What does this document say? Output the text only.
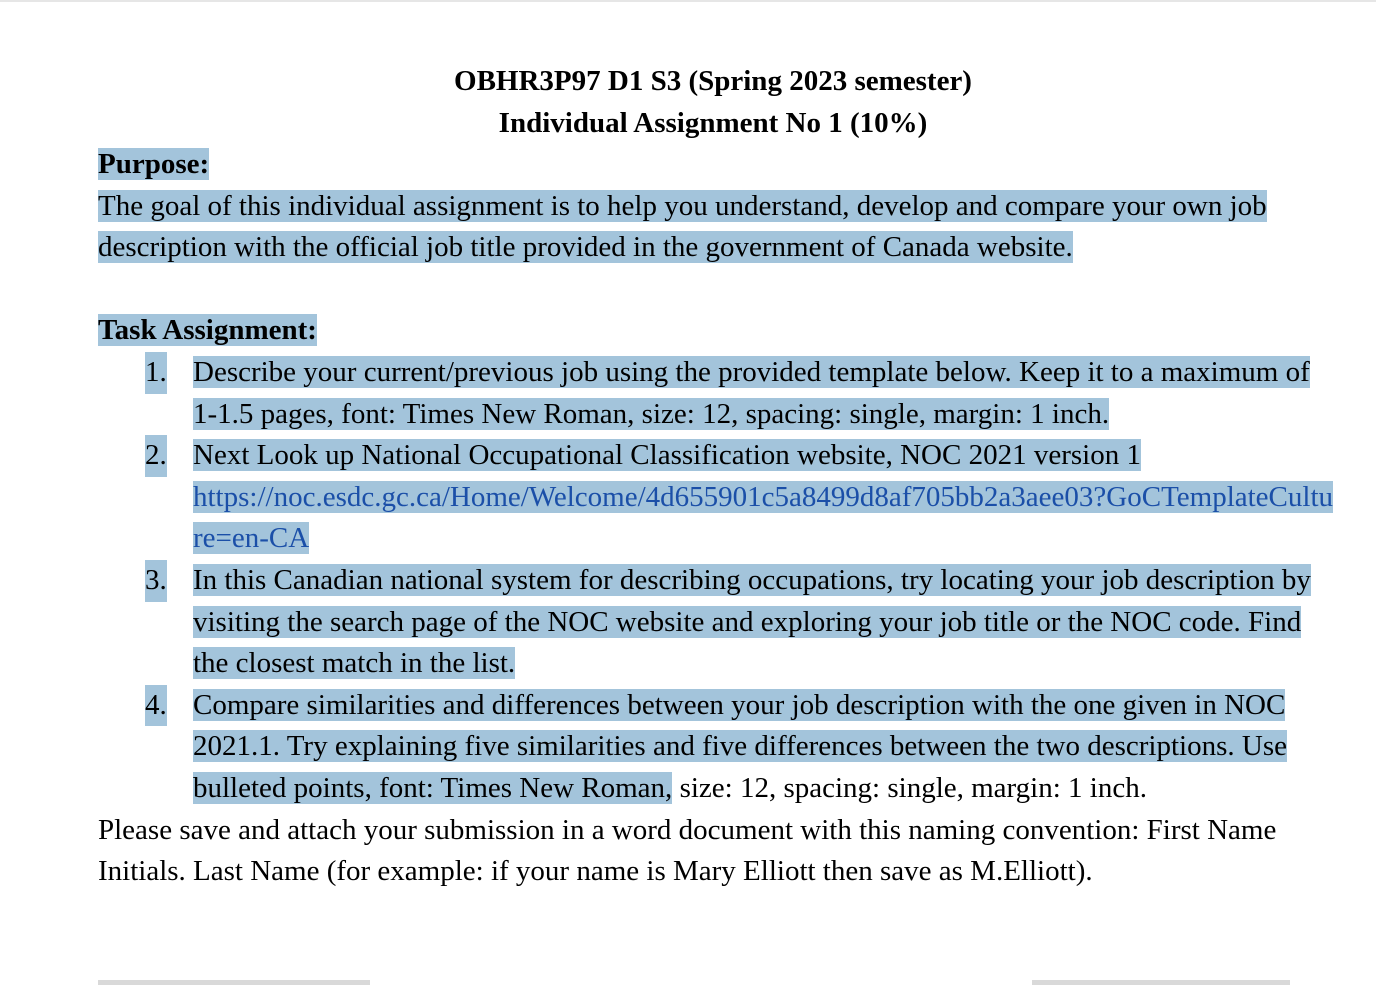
OBHR3P97 D1 S3 (Spring 2023 semester)
Individual Assignment No 1 (10%)

Purpose:

The goal of this individual assignment is to help you understand, develop and compare your own job description with the official job title provided in the government of Canada website.

Task Assignment:

1. Describe your current/previous job using the provided template below. Keep it to a maximum of 1-1.5 pages, font: Times New Roman, size: 12, spacing: single, margin: 1 inch.
2. Next Look up National Occupational Classification website, NOC 2021 version 1
https://noc.esdc.gc.ca/Home/Welcome/4d655901c5a8499d8af705bb2a3aee03?GoCTemplateCulture=en-CA
3. In this Canadian national system for describing occupations, try locating your job description by visiting the search page of the NOC website and exploring your job title or the NOC code. Find the closest match in the list.
4. Compare similarities and differences between your job description with the one given in NOC 2021.1. Try explaining five similarities and five differences between the two descriptions. Use bulleted points, font: Times New Roman, size: 12, spacing: single, margin: 1 inch.

Please save and attach your submission in a word document with this naming convention: First Name Initials. Last Name (for example: if your name is Mary Elliott then save as M.Elliott).
